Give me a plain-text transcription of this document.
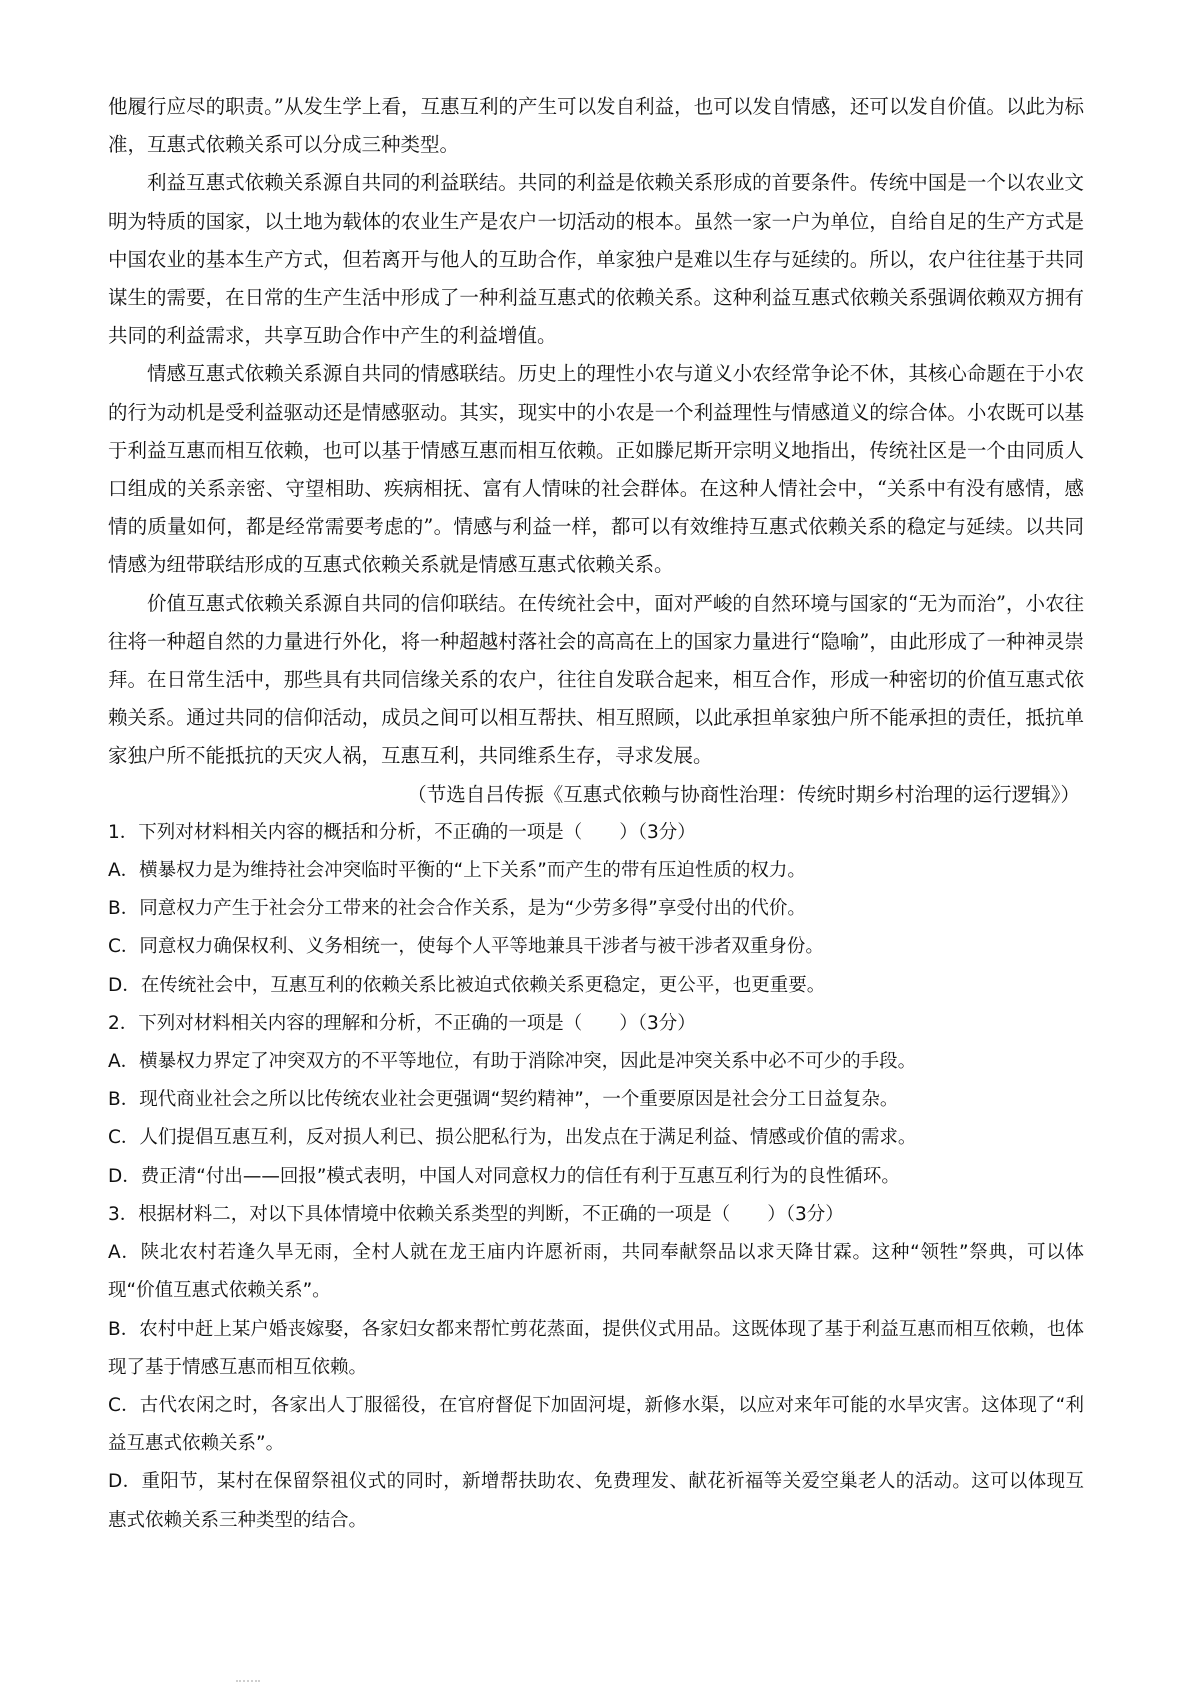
他履行应尽的职责。”从发生学上看，互惠互利的产生可以发自利益，也可以发自情感，还可以发自价值。以此为标准，互惠式依赖关系可以分成三种类型。

利益互惠式依赖关系源自共同的利益联结。共同的利益是依赖关系形成的首要条件。传统中国是一个以农业文明为特质的国家，以土地为载体的农业生产是农户一切活动的根本。虽然一家一户为单位，自给自足的生产方式是中国农业的基本生产方式，但若离开与他人的互助合作，单家独户是难以生存与延续的。所以，农户往往基于共同谋生的需要，在日常的生产生活中形成了一种利益互惠式的依赖关系。这种利益互惠式依赖关系强调依赖双方拥有共同的利益需求，共享互助合作中产生的利益增值。

情感互惠式依赖关系源自共同的情感联结。历史上的理性小农与道义小农经常争论不休，其核心命题在于小农的行为动机是受利益驱动还是情感驱动。其实，现实中的小农是一个利益理性与情感道义的综合体。小农既可以基于利益互惠而相互依赖，也可以基于情感互惠而相互依赖。正如滕尼斯开宗明义地指出，传统社区是一个由同质人口组成的关系亲密、守望相助、疾病相抚、富有人情味的社会群体。在这种人情社会中，“关系中有没有感情，感情的质量如何，都是经常需要考虑的”。情感与利益一样，都可以有效维持互惠式依赖关系的稳定与延续。以共同情感为纽带联结形成的互惠式依赖关系就是情感互惠式依赖关系。

价值互惠式依赖关系源自共同的信仰联结。在传统社会中，面对严峻的自然环境与国家的“无为而治”，小农往往将一种超自然的力量进行外化，将一种超越村落社会的高高在上的国家力量进行“隐喻”，由此形成了一种神灵崇拜。在日常生活中，那些具有共同信缘关系的农户，往往自发联合起来，相互合作，形成一种密切的价值互惠式依赖关系。通过共同的信仰活动，成员之间可以相互帮扶、相互照顾，以此承担单家独户所不能承担的责任，抵抗单家独户所不能抵抗的天灾人祸，互惠互利，共同维系生存，寻求发展。

（节选自吕传振《互惠式依赖与协商性治理：传统时期乡村治理的运行逻辑》）

1．下列对材料相关内容的概括和分析，不正确的一项是（　　）（3分）

A．横暴权力是为维持社会冲突临时平衡的“上下关系”而产生的带有压迫性质的权力。

B．同意权力产生于社会分工带来的社会合作关系，是为“少劳多得”享受付出的代价。

C．同意权力确保权利、义务相统一，使每个人平等地兼具干涉者与被干涉者双重身份。

D．在传统社会中，互惠互利的依赖关系比被迫式依赖关系更稳定，更公平，也更重要。

2．下列对材料相关内容的理解和分析，不正确的一项是（　　）（3分）

A．横暴权力界定了冲突双方的不平等地位，有助于消除冲突，因此是冲突关系中必不可少的手段。

B．现代商业社会之所以比传统农业社会更强调“契约精神”，一个重要原因是社会分工日益复杂。

C．人们提倡互惠互利，反对损人利已、损公肥私行为，出发点在于满足利益、情感或价值的需求。

D．费正清“付出——回报”模式表明，中国人对同意权力的信任有利于互惠互利行为的良性循环。

3．根据材料二，对以下具体情境中依赖关系类型的判断，不正确的一项是（　　）（3分）

A．陕北农村若逢久旱无雨，全村人就在龙王庙内许愿祈雨，共同奉献祭品以求天降甘霖。这种“领牲”祭典，可以体现“价值互惠式依赖关系”。

B．农村中赶上某户婚丧嫁娶，各家妇女都来帮忙剪花蒸面，提供仪式用品。这既体现了基于利益互惠而相互依赖，也体现了基于情感互惠而相互依赖。

C．古代农闲之时，各家出人丁服徭役，在官府督促下加固河堤，新修水渠，以应对来年可能的水旱灾害。这体现了“利益互惠式依赖关系”。

D．重阳节，某村在保留祭祖仪式的同时，新增帮扶助农、免费理发、献花祈福等关爱空巢老人的活动。这可以体现互惠式依赖关系三种类型的结合。
